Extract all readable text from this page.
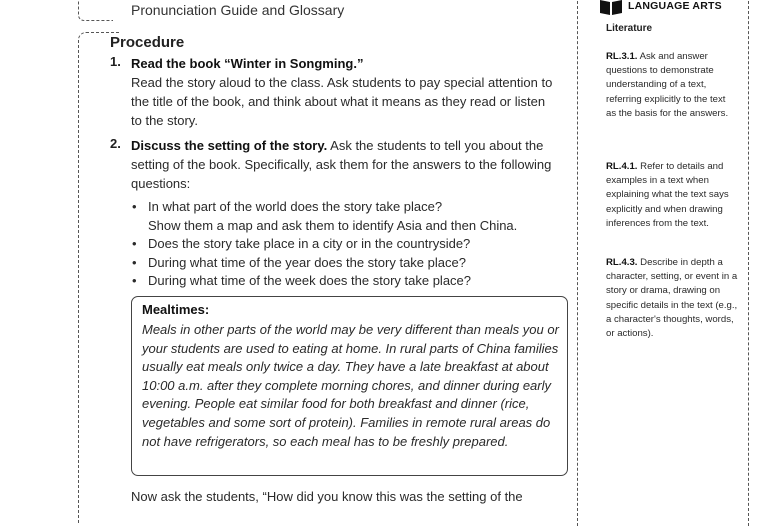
Pronunciation Guide and Glossary
Procedure
1. Read the book “Winter in Songming.”
Read the story aloud to the class. Ask students to pay special attention to the title of the book, and think about what it means as they read or listen to the story.
2. Discuss the setting of the story. Ask the students to tell you about the setting of the book. Specifically, ask them for the answers to the following questions:
• In what part of the world does the story take place?
Show them a map and ask them to identify Asia and then China.
• Does the story take place in a city or in the countryside?
• During what time of the year does the story take place?
• During what time of the week does the story take place?
Mealtimes:
Meals in other parts of the world may be very different than meals you or your students are used to eating at home. In rural parts of China families usually eat meals only twice a day. They have a late breakfast at about 10:00 a.m. after they complete morning chores, and dinner during early evening. People eat similar food for both breakfast and dinner (rice, vegetables and some sort of protein). Families in remote rural areas do not have refrigerators, so each meal has to be freshly prepared.
Now ask the students, “How did you know this was the setting of the
LANGUAGE ARTS
Literature
RL.3.1. Ask and answer questions to demonstrate understanding of a text, referring explicitly to the text as the basis for the answers.
RL.4.1. Refer to details and examples in a text when explaining what the text says explicitly and when drawing inferences from the text.
RL.4.3. Describe in depth a character, setting, or event in a story or drama, drawing on specific details in the text (e.g., a character's thoughts, words, or actions).
